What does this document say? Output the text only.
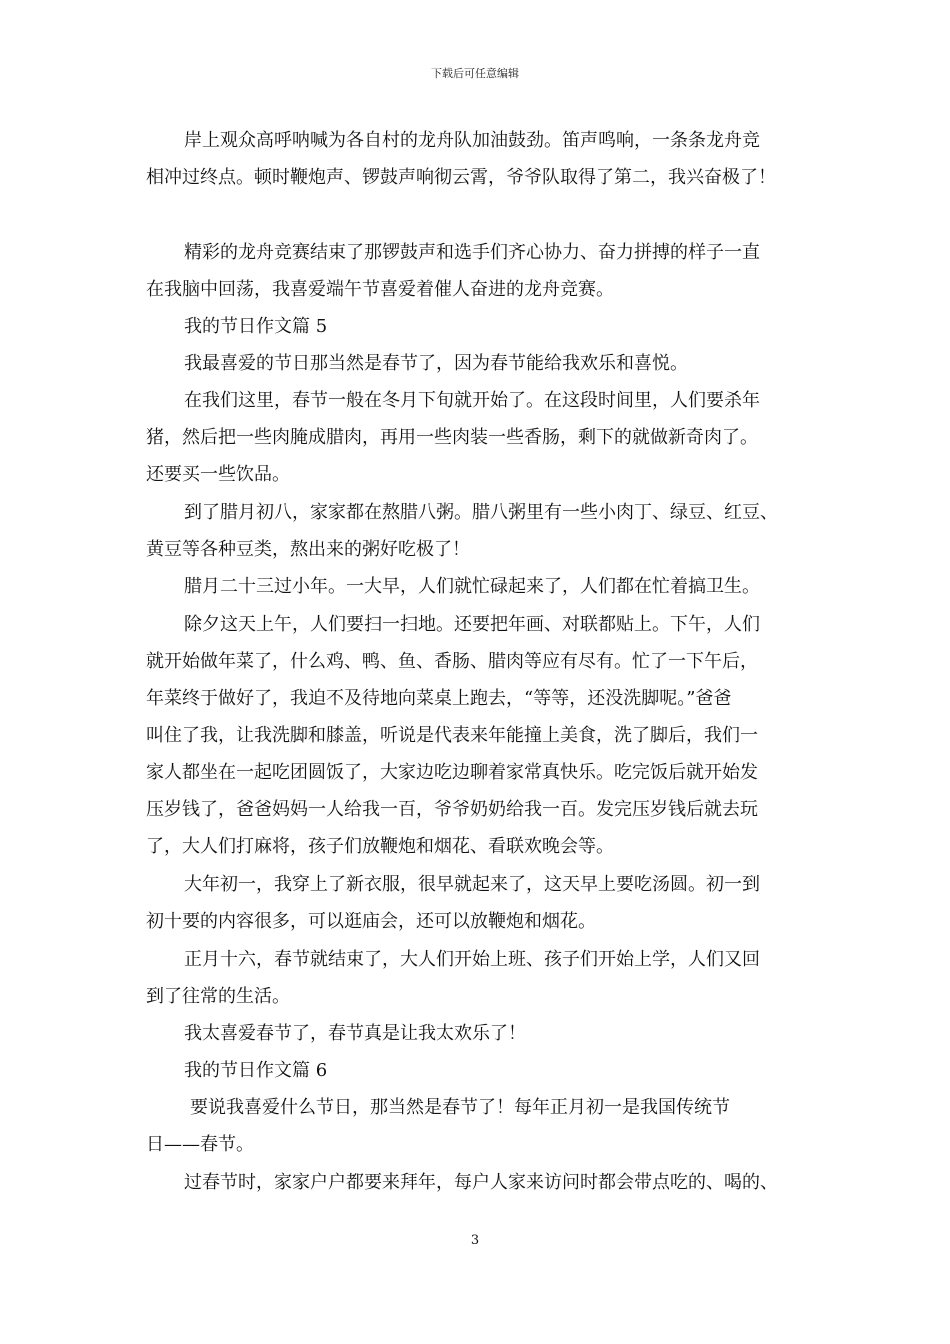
下载后可任意编辑
岸上观众高呼呐喊为各自村的龙舟队加油鼓劲。笛声鸣响，一条条龙舟竞
相冲过终点。顿时鞭炮声、锣鼓声响彻云霄，爷爷队取得了第二，我兴奋极了！
精彩的龙舟竞赛结束了那锣鼓声和选手们齐心协力、奋力拼搏的样子一直
在我脑中回荡，我喜爱端午节喜爱着催人奋进的龙舟竞赛。
我的节日作文篇 5
我最喜爱的节日那当然是春节了，因为春节能给我欢乐和喜悦。
在我们这里，春节一般在冬月下旬就开始了。在这段时间里，人们要杀年
猪，然后把一些肉腌成腊肉，再用一些肉装一些香肠，剩下的就做新奇肉了。
还要买一些饮品。
到了腊月初八，家家都在熬腊八粥。腊八粥里有一些小肉丁、绿豆、红豆、
黄豆等各种豆类，熬出来的粥好吃极了！
腊月二十三过小年。一大早，人们就忙碌起来了，人们都在忙着搞卫生。
除夕这天上午，人们要扫一扫地。还要把年画、对联都贴上。下午，人们
就开始做年菜了，什么鸡、鸭、鱼、香肠、腊肉等应有尽有。忙了一下午后，
年菜终于做好了，我迫不及待地向菜桌上跑去，“等等，还没洗脚呢。”爸爸
叫住了我，让我洗脚和膝盖，听说是代表来年能撞上美食，洗了脚后，我们一
家人都坐在一起吃团圆饭了，大家边吃边聊着家常真快乐。吃完饭后就开始发
压岁钱了，爸爸妈妈一人给我一百，爷爷奶奶给我一百。发完压岁钱后就去玩
了，大人们打麻将，孩子们放鞭炮和烟花、看联欢晚会等。
大年初一，我穿上了新衣服，很早就起来了，这天早上要吃汤圆。初一到
初十要的内容很多，可以逛庙会，还可以放鞭炮和烟花。
正月十六，春节就结束了，大人们开始上班、孩子们开始上学，人们又回
到了往常的生活。
我太喜爱春节了，春节真是让我太欢乐了！
我的节日作文篇 6
要说我喜爱什么节日，那当然是春节了！每年正月初一是我国传统节
日——春节。
过春节时，家家户户都要来拜年，每户人家来访问时都会带点吃的、喝的、
3
